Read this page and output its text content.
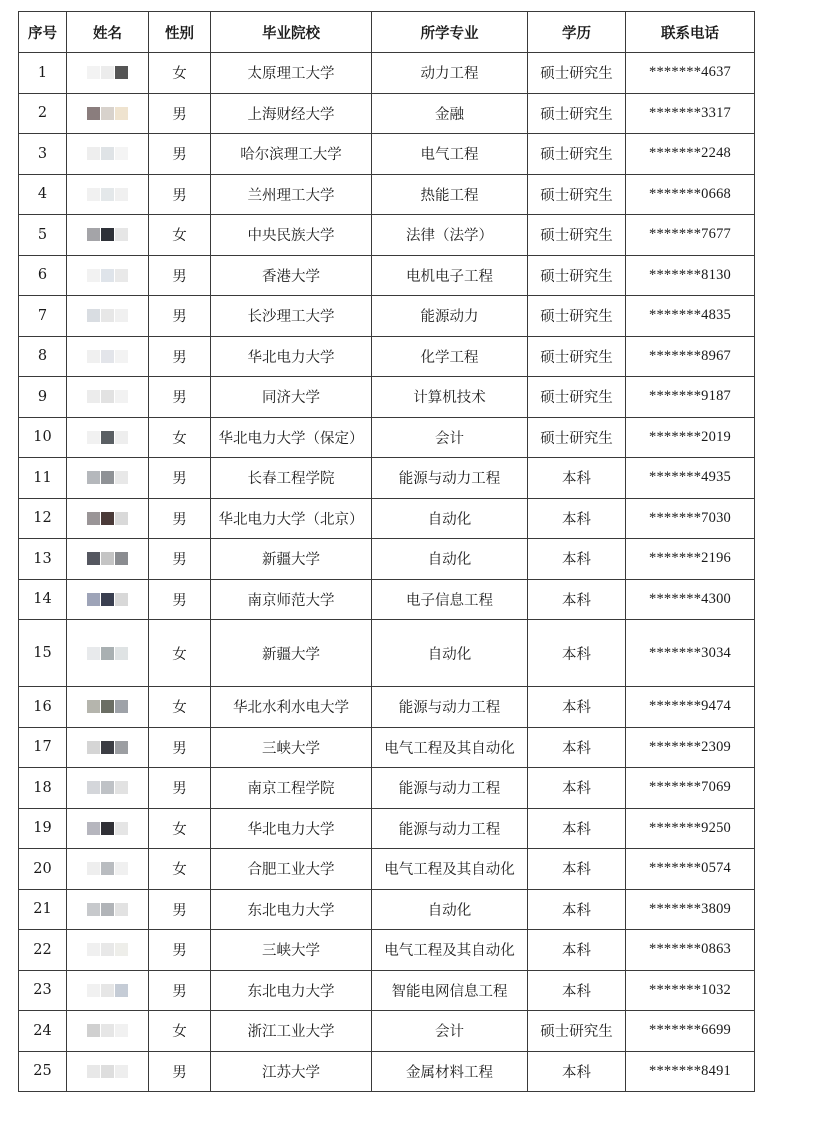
序号	姓名	性别	毕业院校	所学专业	学历	联系电话
1		女	太原理工大学	动力工程	硕士研究生	*******4637
2		男	上海财经大学	金融	硕士研究生	*******3317
3		男	哈尔滨理工大学	电气工程	硕士研究生	*******2248
4		男	兰州理工大学	热能工程	硕士研究生	*******0668
5		女	中央民族大学	法律（法学）	硕士研究生	*******7677
6		男	香港大学	电机电子工程	硕士研究生	*******8130
7		男	长沙理工大学	能源动力	硕士研究生	*******4835
8		男	华北电力大学	化学工程	硕士研究生	*******8967
9		男	同济大学	计算机技术	硕士研究生	*******9187
10		女	华北电力大学（保定）	会计	硕士研究生	*******2019
11		男	长春工程学院	能源与动力工程	本科	*******4935
12		男	华北电力大学（北京）	自动化	本科	*******7030
13		男	新疆大学	自动化	本科	*******2196
14		男	南京师范大学	电子信息工程	本科	*******4300
15		女	新疆大学	自动化	本科	*******3034
16		女	华北水利水电大学	能源与动力工程	本科	*******9474
17		男	三峡大学	电气工程及其自动化	本科	*******2309
18		男	南京工程学院	能源与动力工程	本科	*******7069
19		女	华北电力大学	能源与动力工程	本科	*******9250
20		女	合肥工业大学	电气工程及其自动化	本科	*******0574
21		男	东北电力大学	自动化	本科	*******3809
22		男	三峡大学	电气工程及其自动化	本科	*******0863
23		男	东北电力大学	智能电网信息工程	本科	*******1032
24		女	浙江工业大学	会计	硕士研究生	*******6699
25		男	江苏大学	金属材料工程	本科	*******8491
